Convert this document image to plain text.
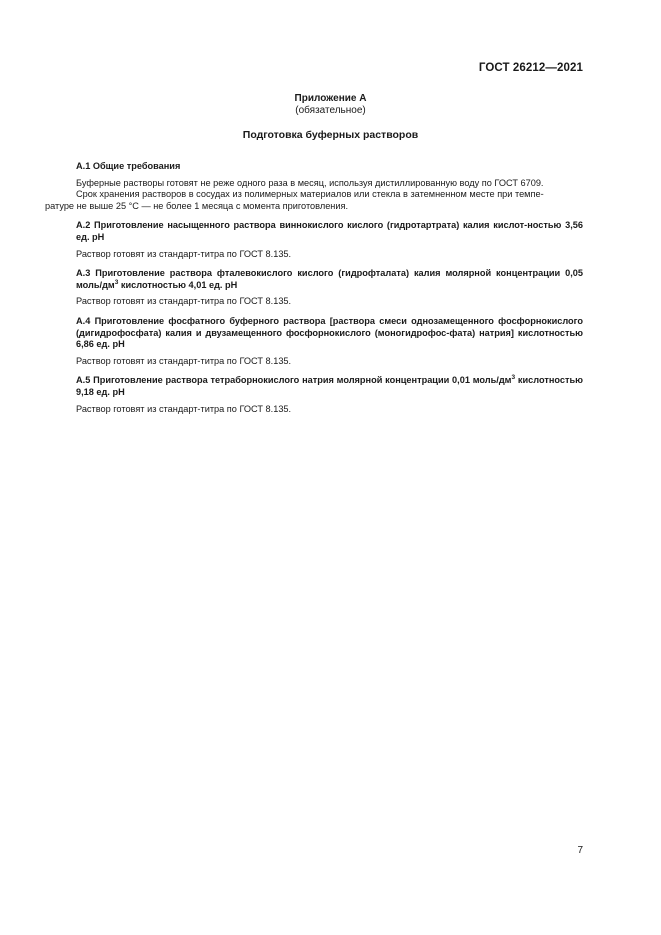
ГОСТ 26212—2021
Приложение А
(обязательное)
Подготовка буферных растворов

А.1 Общие требования

Буферные растворы готовят не реже одного раза в месяц, используя дистиллированную воду по ГОСТ 6709.

Срок хранения растворов в сосудах из полимерных материалов или стекла в затемненном месте при темпе-
ратуре не выше 25 °С — не более 1 месяца с момента приготовления.

А.2 Приготовление насыщенного раствора виннокислого кислого (гидротартрата) калия кислот-ностью 3,56 ед. рН

Раствор готовят из стандарт-титра по ГОСТ 8.135.

А.3 Приготовление раствора фталевокислого кислого (гидрофталата) калия молярной концентрации 0,05 моль/$дм^3$ кислотностью 4,01 ед. рН

Раствор готовят из стандарт-титра по ГОСТ 8.135.

А.4 Приготовление фосфатного буферного раствора [раствора смеси однозамещенного фосфорнокислого (дигидрофосфата) калия и двузамещенного фосфорнокислого (моногидрофос-фата) натрия] кислотностью 6,86 ед. рН

Раствор готовят из стандарт-титра по ГОСТ 8.135.

А.5 Приготовление раствора тетраборнокислого натрия молярной концентрации 0,01 моль/$дм^3$ кислотностью 9,18 ед. рН

Раствор готовят из стандарт-титра по ГОСТ 8.135.

7
